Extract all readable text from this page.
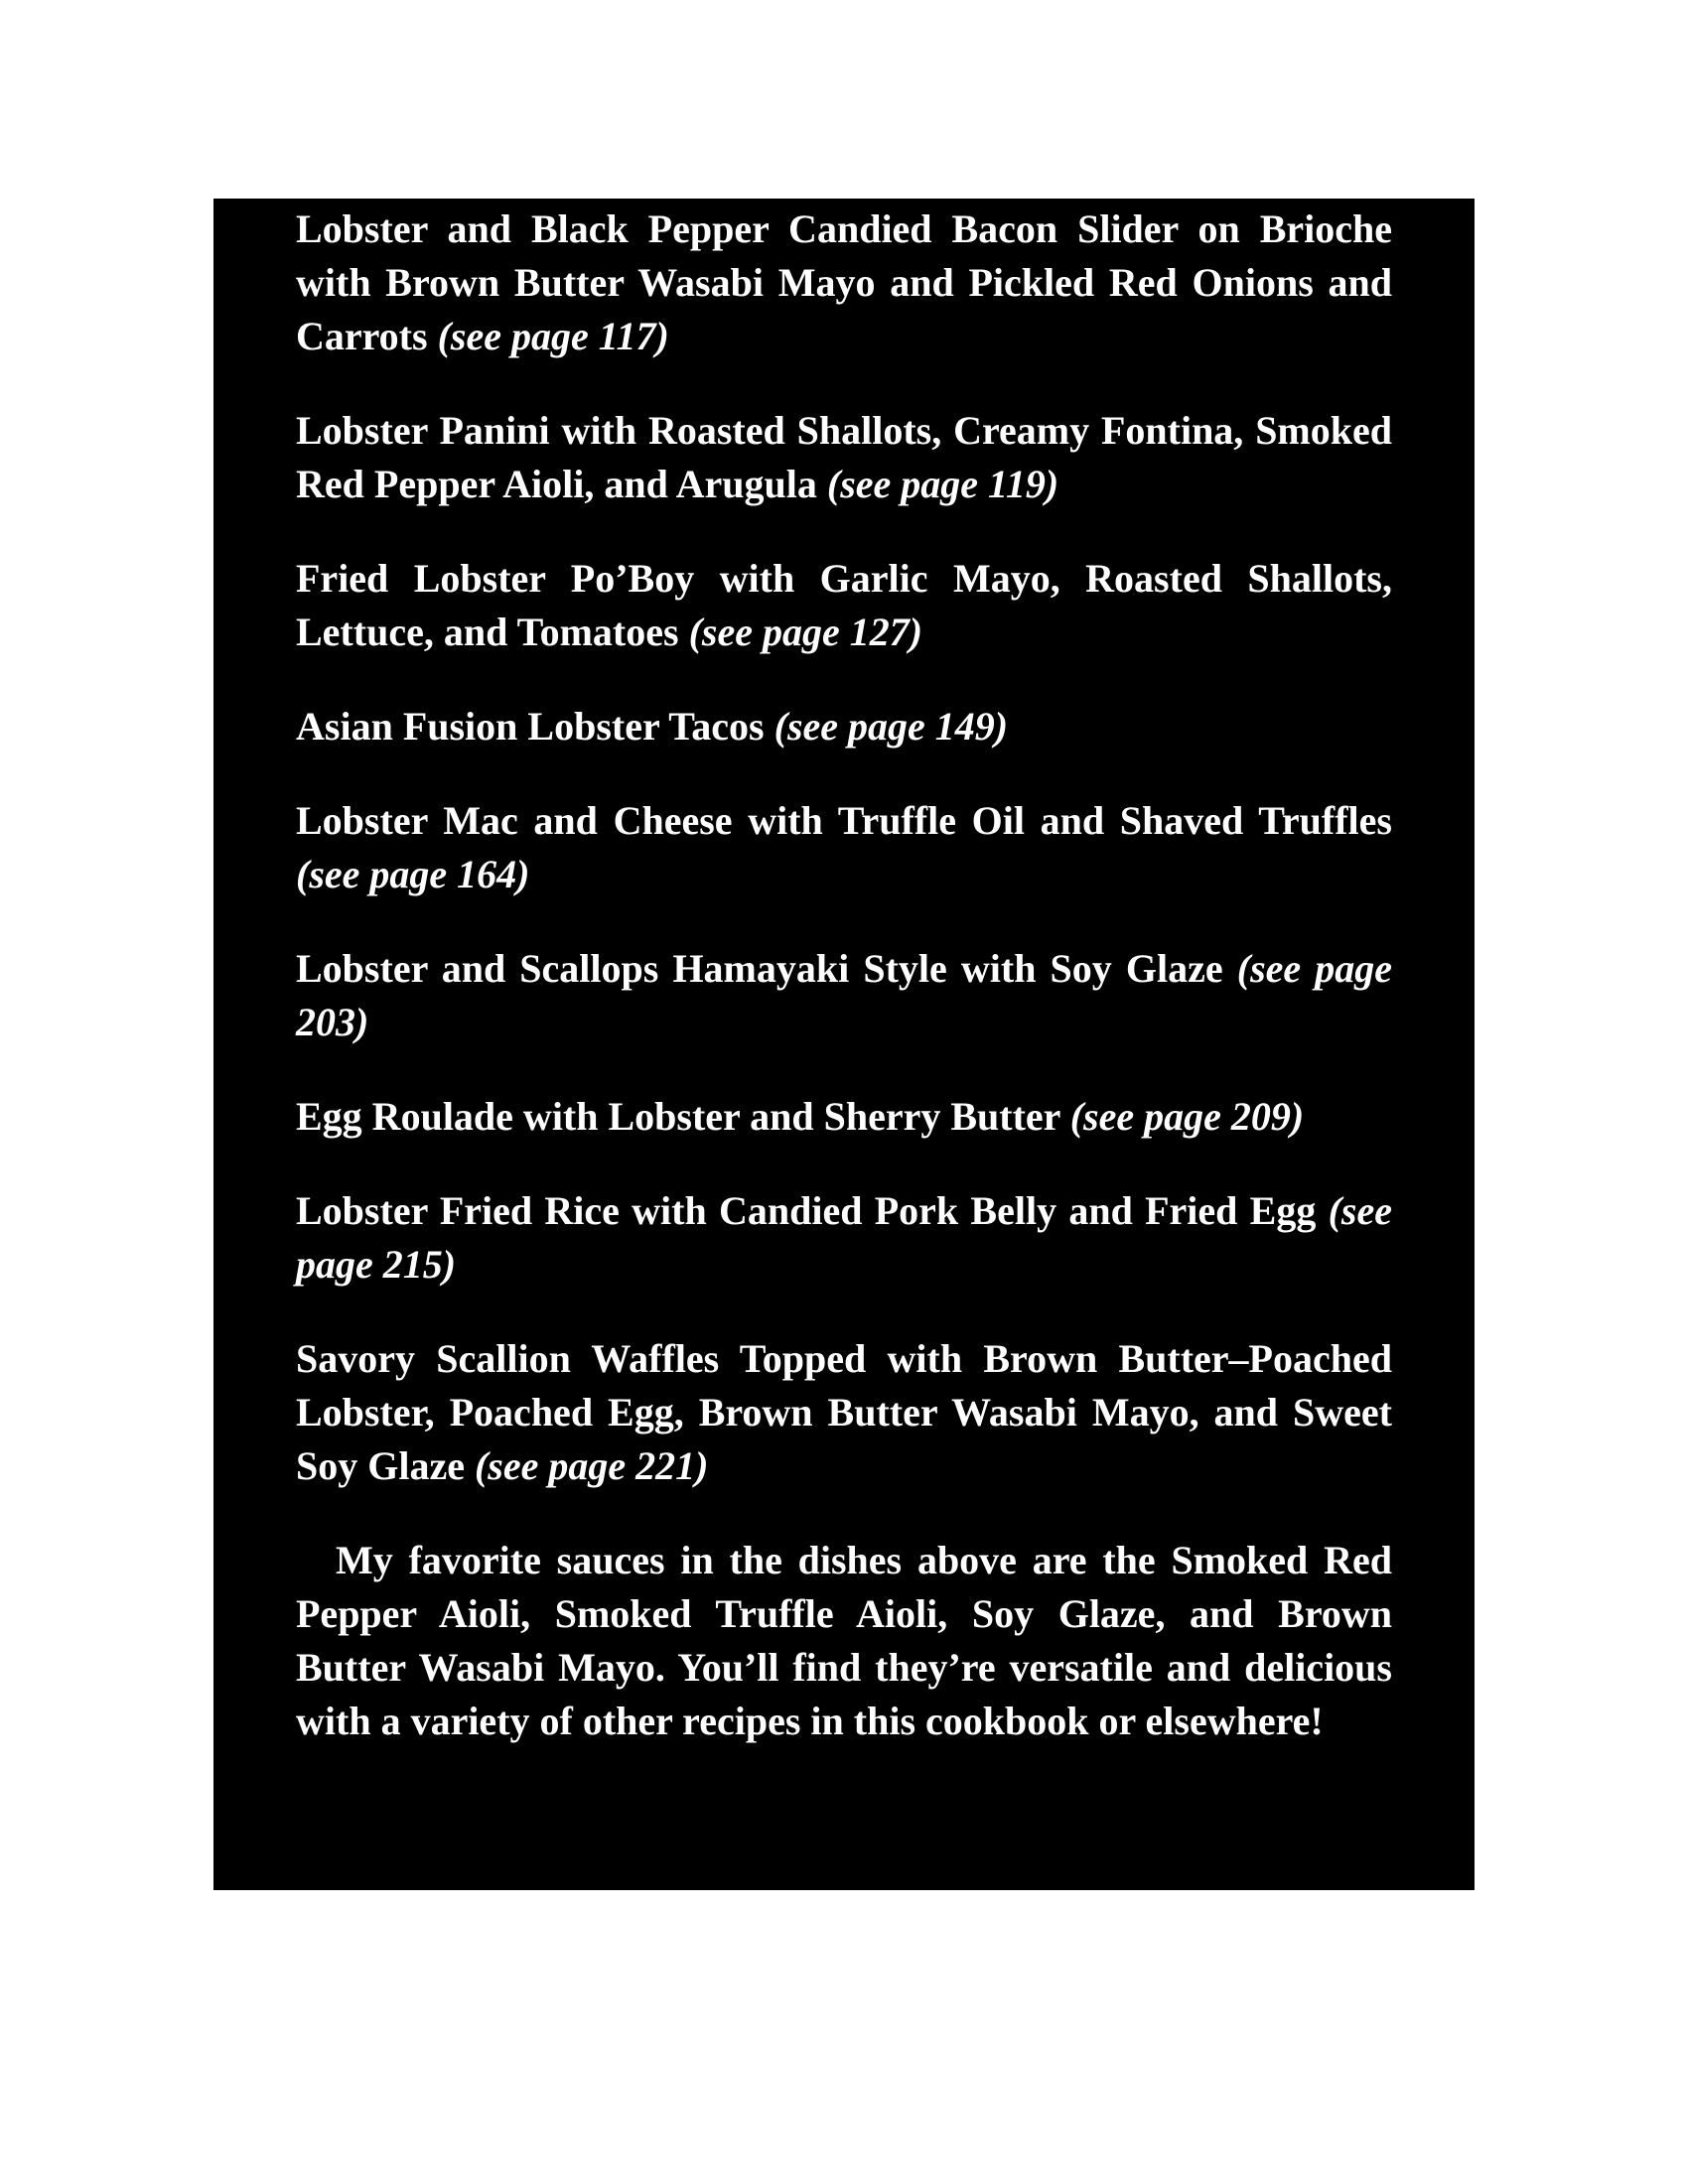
Lobster and Black Pepper Candied Bacon Slider on Brioche with Brown Butter Wasabi Mayo and Pickled Red Onions and Carrots (see page 117)

Lobster Panini with Roasted Shallots, Creamy Fontina, Smoked Red Pepper Aioli, and Arugula (see page 119)

Fried Lobster Po’Boy with Garlic Mayo, Roasted Shallots, Lettuce, and Tomatoes (see page 127)

Asian Fusion Lobster Tacos (see page 149)

Lobster Mac and Cheese with Truffle Oil and Shaved Truffles (see page 164)

Lobster and Scallops Hamayaki Style with Soy Glaze (see page 203)

Egg Roulade with Lobster and Sherry Butter (see page 209)

Lobster Fried Rice with Candied Pork Belly and Fried Egg (see page 215)

Savory Scallion Waffles Topped with Brown Butter–Poached Lobster, Poached Egg, Brown Butter Wasabi Mayo, and Sweet Soy Glaze (see page 221)

My favorite sauces in the dishes above are the Smoked Red Pepper Aioli, Smoked Truffle Aioli, Soy Glaze, and Brown Butter Wasabi Mayo. You’ll find they’re versatile and delicious with a variety of other recipes in this cookbook or elsewhere!
